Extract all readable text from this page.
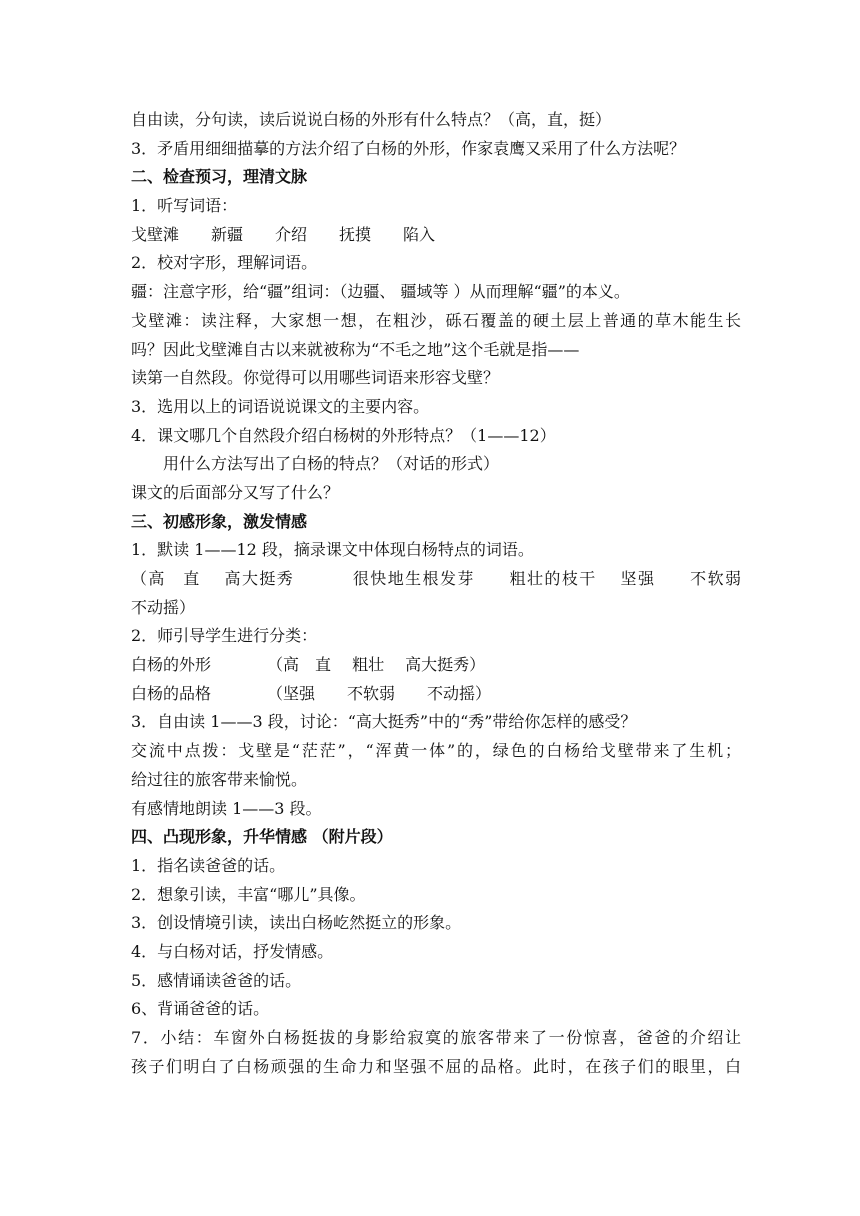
自由读，分句读，读后说说白杨的外形有什么特点？（高，直，挺）
3．矛盾用细细描摹的方法介绍了白杨的外形，作家袁鹰又采用了什么方法呢？
二、检查预习，理清文脉
1．听写词语：
戈壁滩　　新疆　　介绍　　抚摸　　陷入
2．校对字形，理解词语。
疆：注意字形，给“疆”组词：（边疆、 疆域等 ）从而理解“疆”的本义。
戈壁滩：读注释，大家想一想，在粗沙，砾石覆盖的硬土层上普通的草木能生长
吗？因此戈壁滩自古以来就被称为“不毛之地”这个毛就是指——
读第一自然段。你觉得可以用哪些词语来形容戈壁？
3．选用以上的词语说说课文的主要内容。
4．课文哪几个自然段介绍白杨树的外形特点？（1——12）
用什么方法写出了白杨的特点？（对话的形式）
课文的后面部分又写了什么？
三、初感形象，激发情感
1．默读 1——12 段，摘录课文中体现白杨特点的词语。
（高　直　 高大挺秀　　　 很快地生根发芽　　粗壮的枝干　 坚强　　不软弱
不动摇）
2．师引导学生进行分类：
白杨的外形　　　　（高　直　 粗壮　 高大挺秀）
白杨的品格　　　　（坚强　　不软弱　　不动摇）
3．自由读 1——3 段，讨论：“高大挺秀”中的“秀”带给你怎样的感受？
交流中点拨：戈壁是“茫茫”，“浑黄一体”的，绿色的白杨给戈壁带来了生机；
给过往的旅客带来愉悦。
有感情地朗读 1——3 段。
四、凸现形象，升华情感 （附片段）
1．指名读爸爸的话。
2．想象引读，丰富“哪儿”具像。
3．创设情境引读，读出白杨屹然挺立的形象。
4．与白杨对话，抒发情感。
5．感情诵读爸爸的话。
6、背诵爸爸的话。
7．小结：车窗外白杨挺拔的身影给寂寞的旅客带来了一份惊喜，爸爸的介绍让
孩子们明白了白杨顽强的生命力和坚强不屈的品格。此时，在孩子们的眼里，白
